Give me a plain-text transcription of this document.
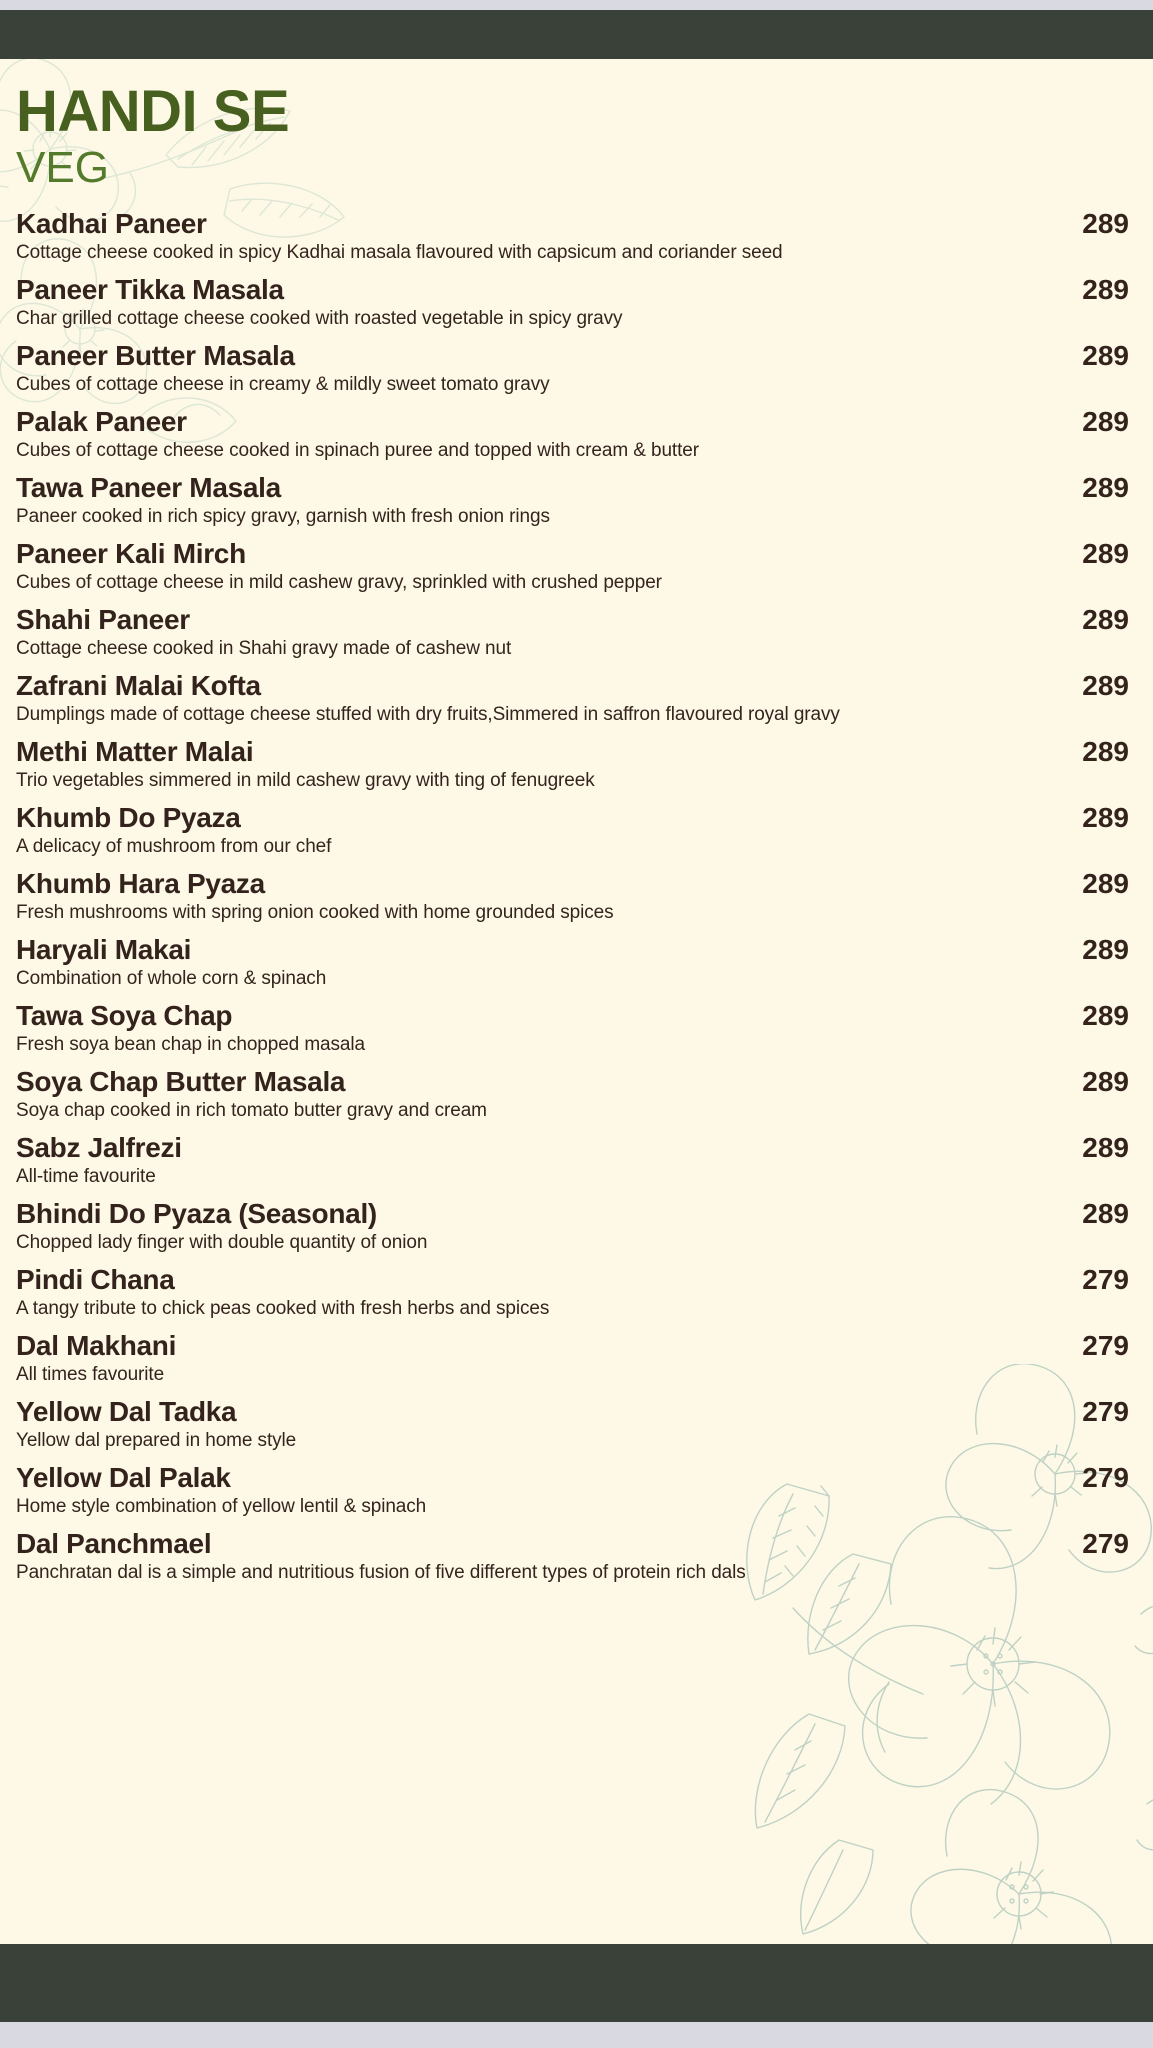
HANDI SE
VEG
Kadhai Paneer	289
Cottage cheese cooked in spicy Kadhai masala flavoured with capsicum and coriander seed
Paneer Tikka Masala	289
Char grilled cottage cheese cooked with roasted vegetable in spicy gravy
Paneer Butter Masala	289
Cubes of cottage cheese in creamy & mildly sweet tomato gravy
Palak Paneer	289
Cubes of cottage cheese cooked in spinach puree and topped with cream & butter
Tawa Paneer Masala	289
Paneer cooked in rich spicy gravy, garnish with fresh onion rings
Paneer Kali Mirch	289
Cubes of cottage cheese in mild cashew gravy, sprinkled with crushed pepper
Shahi Paneer	289
Cottage cheese cooked in Shahi gravy made of cashew nut
Zafrani Malai Kofta	289
Dumplings made of cottage cheese stuffed with dry fruits,Simmered in saffron flavoured royal gravy
Methi Matter Malai	289
Trio vegetables simmered in mild cashew gravy with ting of fenugreek
Khumb Do Pyaza	289
A delicacy of mushroom from our chef
Khumb Hara Pyaza	289
Fresh mushrooms with spring onion cooked with home grounded spices
Haryali Makai	289
Combination of whole corn & spinach
Tawa Soya Chap	289
Fresh soya bean chap in chopped masala
Soya Chap Butter Masala	289
Soya chap cooked in rich tomato butter gravy and cream
Sabz Jalfrezi	289
All-time favourite
Bhindi Do Pyaza (Seasonal)	289
Chopped lady finger with double quantity of onion
Pindi Chana	279
A tangy tribute to chick peas cooked with fresh herbs and spices
Dal Makhani	279
All times favourite
Yellow Dal Tadka	279
Yellow dal prepared in home style
Yellow Dal Palak	279
Home style combination of yellow lentil & spinach
Dal Panchmael	279
Panchratan dal is a simple and nutritious fusion of five different types of protein rich dals
